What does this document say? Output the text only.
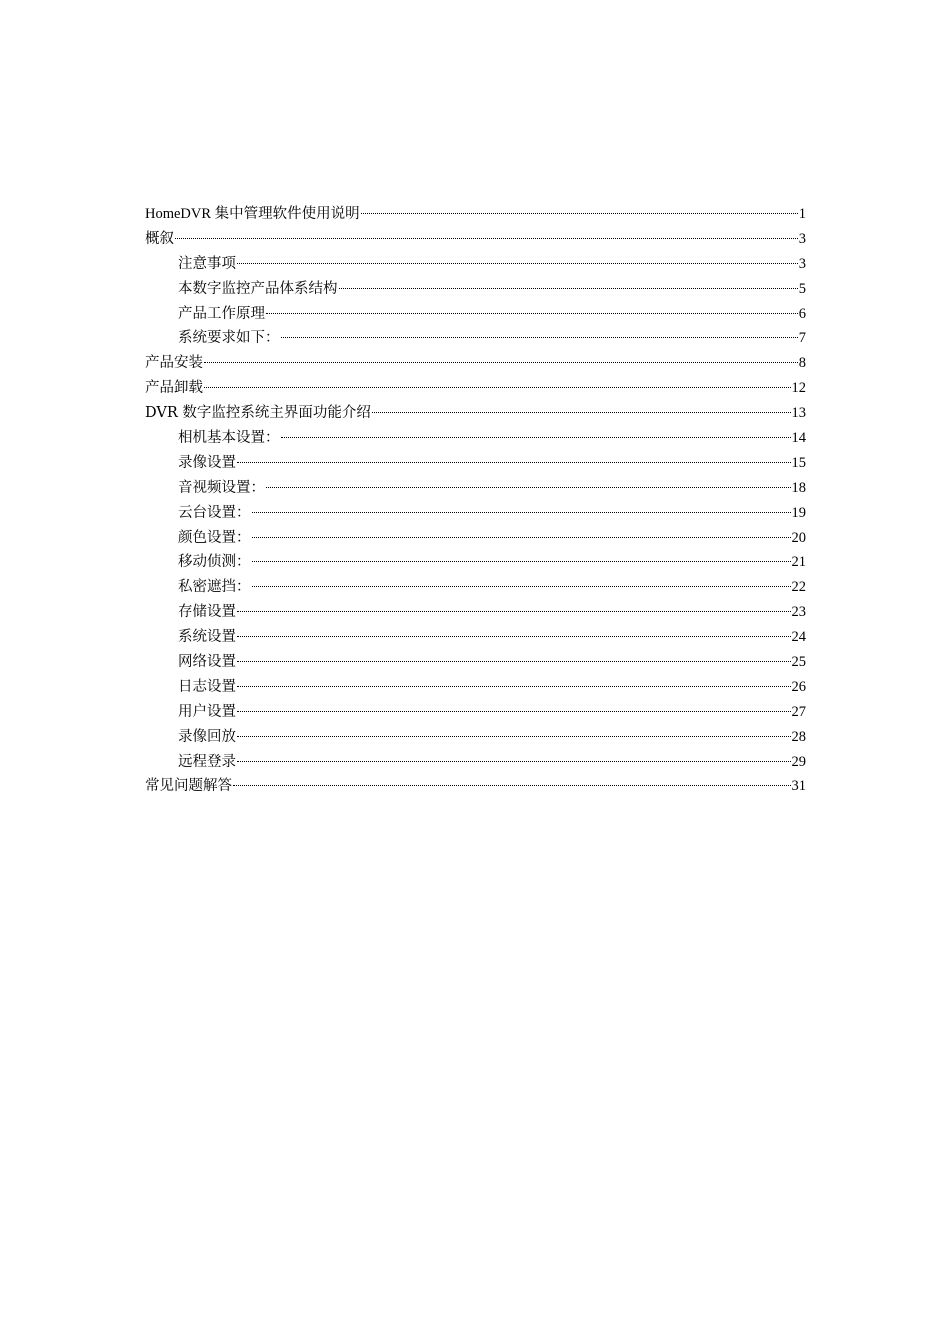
HomeDVR 集中管理软件使用说明	1
概叙	3
注意事项	3
本数字监控产品体系结构	5
产品工作原理	6
系统要求如下：	7
产品安装	8
产品卸载	12
DVR 数字监控系统主界面功能介绍	13
相机基本设置：	14
录像设置	15
音视频设置：	18
云台设置：	19
颜色设置：	20
移动侦测：	21
私密遮挡：	22
存储设置	23
系统设置	24
网络设置	25
日志设置	26
用户设置	27
录像回放	28
远程登录	29
常见问题解答	31
